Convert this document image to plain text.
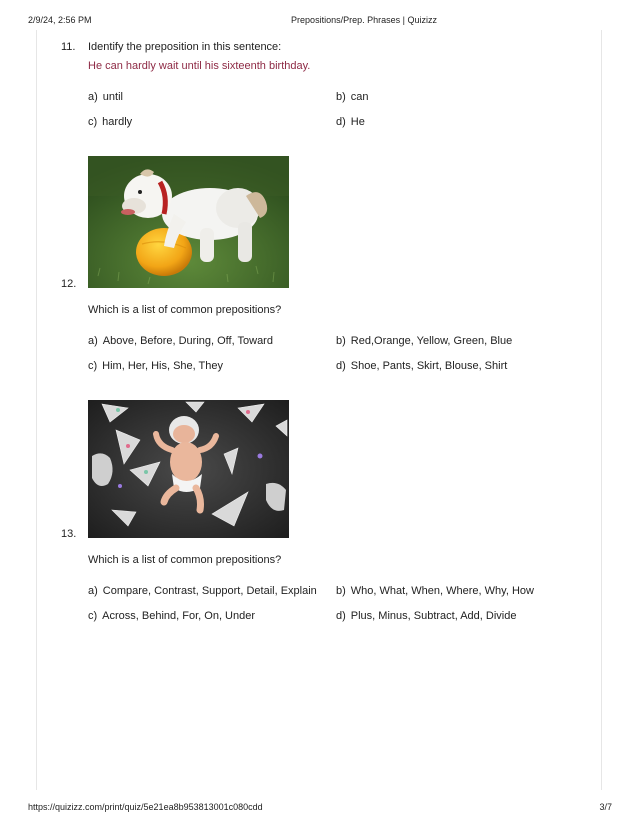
2/9/24, 2:56 PM	Prepositions/Prep. Phrases | Quizizz
https://quizizz.com/print/quiz/5e21ea8b953813001c080cdd	3/7
11. Identify the preposition in this sentence:
He can hardly wait until his sixteenth birthday.
a) until	b) can
c) hardly	d) He
12.
Which is a list of common prepositions?
a) Above, Before, During, Off, Toward	b) Red,Orange, Yellow, Green, Blue
c) Him, Her, His, She, They	d) Shoe, Pants, Skirt, Blouse, Shirt
13.
Which is a list of common prepositions?
a) Compare, Contrast, Support, Detail, Explain b) Who, What, When, Where, Why, How
c) Across, Behind, For, On, Under	d) Plus, Minus, Subtract, Add, Divide
